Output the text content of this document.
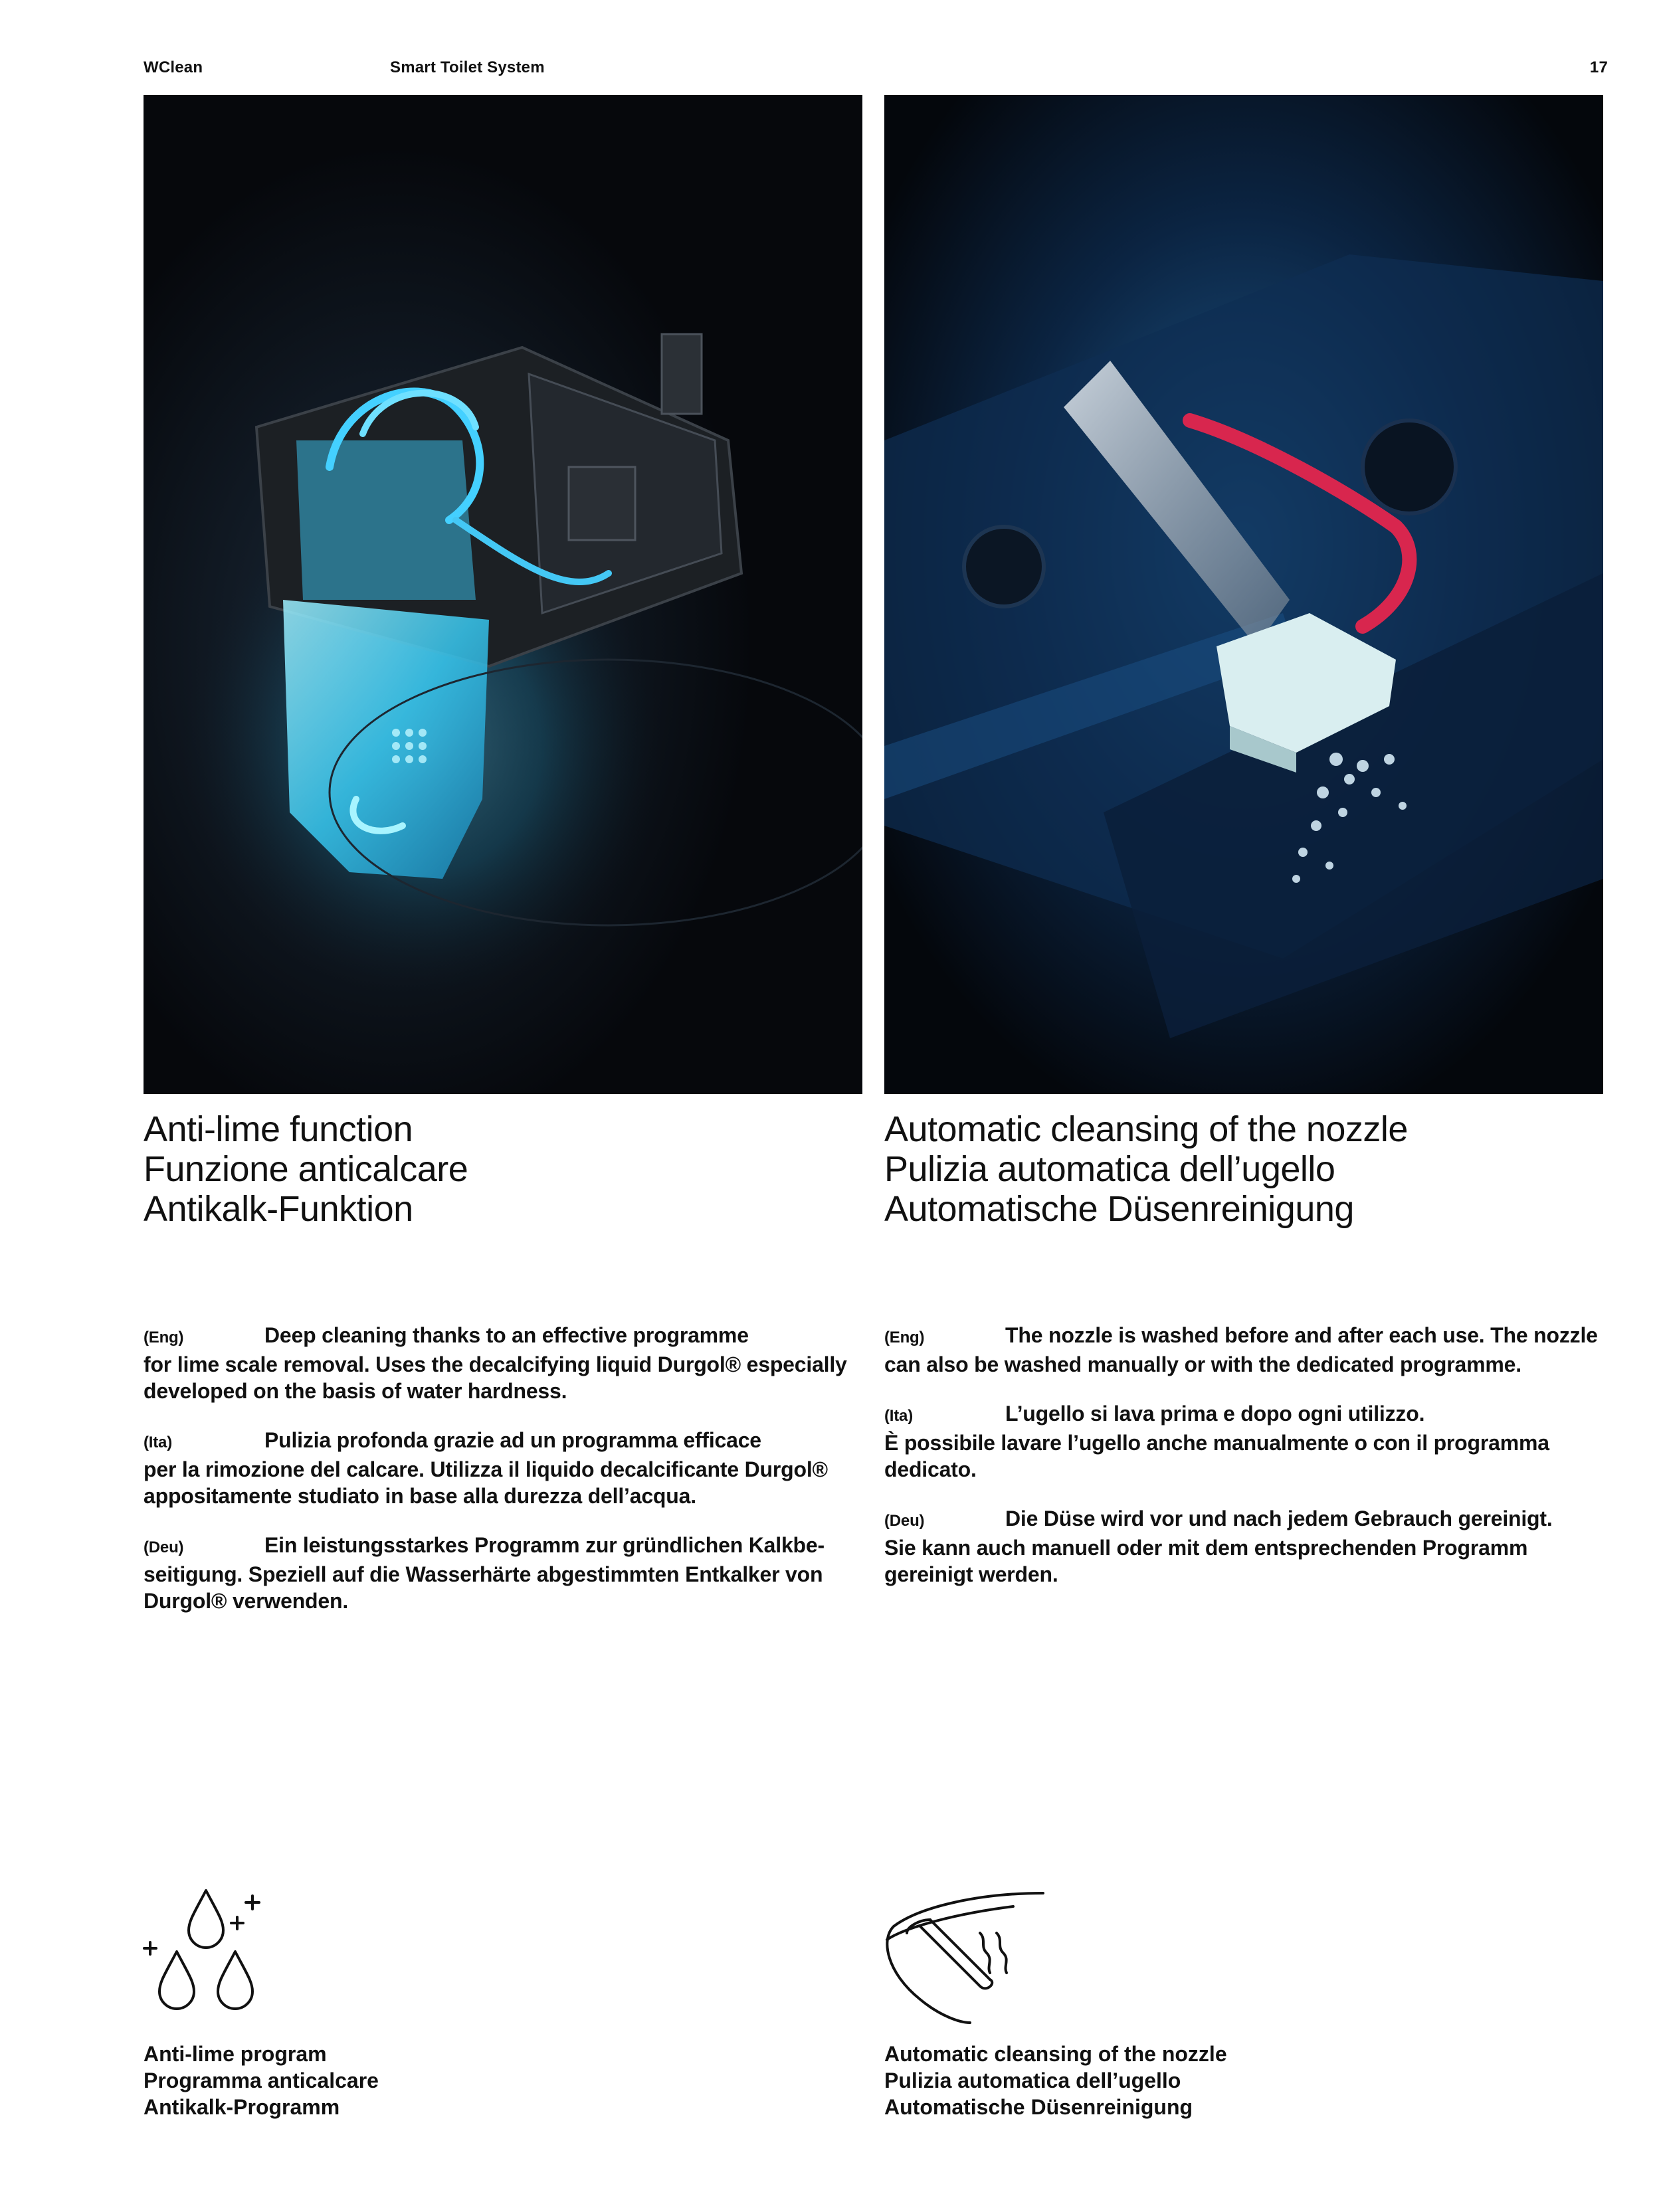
WClean	Smart Toilet System	17
Anti-lime function
Funzione anticalcare
Antikalk-Funktion
Automatic cleansing of the nozzle
Pulizia automatica dell’ugello
Automatische Düsenreinigung
(Eng)	Deep cleaning thanks to an effective programme
for lime scale removal. Uses the decalcifying liquid Durgol® especially
developed on the basis of water hardness.
(Ita)	Pulizia profonda grazie ad un programma efficace
per la rimozione del calcare. Utilizza il liquido decalcificante Durgol®
appositamente studiato in base alla durezza dell’acqua.
(Deu)	Ein leistungsstarkes Programm zur gründlichen Kalkbe-
seitigung. Speziell auf die Wasserhärte abgestimmten Entkalker von
Durgol® verwenden.
(Eng)	The nozzle is washed before and after each use. The nozzle
can also be washed manually or with the dedicated programme.
(Ita)	L’ugello si lava prima e dopo ogni utilizzo.
È possibile lavare l’ugello anche manualmente o con il programma
dedicato.
(Deu)	Die Düse wird vor und nach jedem Gebrauch gereinigt.
Sie kann auch manuell oder mit dem entsprechenden Programm
gereinigt werden.
Anti-lime program
Programma anticalcare
Antikalk-Programm
Automatic cleansing of the nozzle
Pulizia automatica dell’ugello
Automatische Düsenreinigung
